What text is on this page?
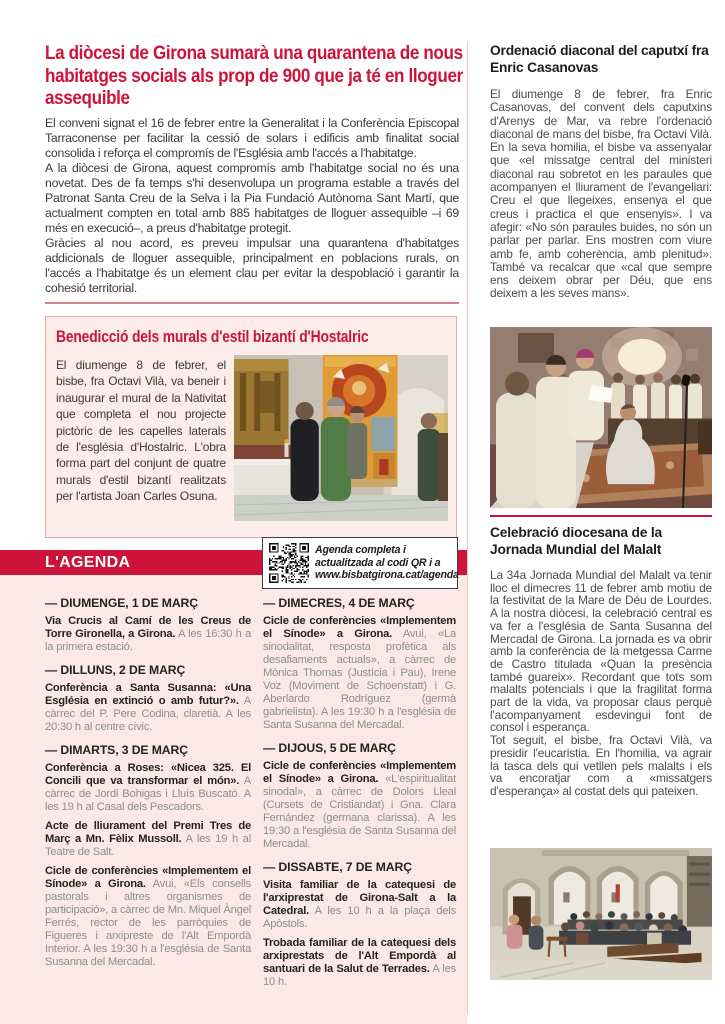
La diòcesi de Girona sumarà una quarantena de nous habitatges socials als prop de 900 que ja té en lloguer assequible

El conveni signat el 16 de febrer entre la Generalitat i la Conferència Episcopal Tarraconense per facilitar la cessió de solars i edificis amb finalitat social consolida i reforça el compromís de l'Església amb l'accés a l'habitatge.

A la diòcesi de Girona, aquest compromís amb l'habitatge social no és una novetat. Des de fa temps s'hi desenvolupa un programa estable a través del Patronat Santa Creu de la Selva i la Pia Fundació Autònoma Sant Martí, que actualment compten en total amb 885 habitatges de lloguer assequible –i 69 més en execució–, a preus d'habitatge protegit.

Gràcies al nou acord, es preveu impulsar una quarantena d'habitatges addicionals de lloguer assequible, principalment en poblacions rurals, on l'accés a l'habitatge és un element clau per evitar la despoblació i garantir la cohesió territorial.

Benedicció dels murals d'estil bizantí d'Hostalric

El diumenge 8 de febrer, el bisbe, fra Octavi Vilà, va beneir i inaugurar el mural de la Nativitat que completa el nou projecte pictòric de les capelles laterals de l'església d'Hostalric. L'obra forma part del conjunt de quatre murals d'estil bizantí realitzats per l'artista Joan Carles Osuna.

L'AGENDA

Agenda completa i actualitzada al codi QR i a www.bisbatgirona.cat/agenda

— DIUMENGE, 1 DE MARÇ

Via Crucis al Camí de les Creus de Torre Gironella, a Girona. A les 16:30 h a la primera estació.

— DILLUNS, 2 DE MARÇ

Conferència a Santa Susanna: «Una Església en extinció o amb futur?». A càrrec del P. Pere Codina, claretià. A les 20:30 h al centre cívic.

— DIMARTS, 3 DE MARÇ

Conferència a Roses: «Nicea 325. El Concili que va transformar el món». A càrrec de Jordi Bohigas i Lluís Buscató. A les 19 h al Casal dels Pescadors.

Acte de lliurament del Premi Tres de Març a Mn. Fèlix Mussoll. A les 19 h al Teatre de Salt.

Cicle de conferències «Implementem el Sínode» a Girona. Avui, «Els consells pastorals i altres organismes de participació», a càrrec de Mn. Miquel Àngel Ferrés, rector de les parròquies de Figueres i arxipreste de l'Alt Empordà Interior. A les 19:30 h a l'església de Santa Susanna del Mercadal.

— DIMECRES, 4 DE MARÇ

Cicle de conferències «Implementem el Sínode» a Girona. Avui, «La sinodalitat, resposta profètica als desafiaments actuals», a càrrec de Mònica Thomas (Justícia i Pau), Irene Voz (Moviment de Schoenstatt) i G. Aberlardo Rodríguez (germà gabrielista). A les 19:30 h a l'església de Santa Susanna del Mercadal.

— DIJOUS, 5 DE MARÇ

Cicle de conferències «Implementem el Sínode» a Girona. «L'espiritualitat sinodal», a càrrec de Dolors Lleal (Cursets de Cristiandat) i Gna. Clara Fernández (germana clarissa). A les 19:30 a l'església de Santa Susanna del Mercadal.

— DISSABTE, 7 DE MARÇ

Visita familiar de la catequesi de l'arxiprestat de Girona-Salt a la Catedral. A les 10 h a la plaça dels Apòstols.

Trobada familiar de la catequesi dels arxiprestats de l'Alt Empordà al santuari de la Salut de Terrades. A les 10 h.

Ordenació diaconal del caputxí fra Enric Casanovas

El diumenge 8 de febrer, fra Enric Casanovas, del convent dels caputxins d'Arenys de Mar, va rebre l'ordenació diaconal de mans del bisbe, fra Octavi Vilà. En la seva homilia, el bisbe va assenyalar que «el missatge central del ministeri diaconal rau sobretot en les paraules que acompanyen el lliurament de l'evangeliari: Creu el que llegeixes, ensenya el que creus i practica el que ensenyis». I va afegir: «No són paraules buides, no són un parlar per parlar. Ens mostren com viure amb fe, amb coherència, amb plenitud». També va recalcar que «cal que sempre ens deixem obrar per Déu, que ens deixem a les seves mans».

Celebració diocesana de la Jornada Mundial del Malalt

La 34a Jornada Mundial del Malalt va tenir lloc el dimecres 11 de febrer amb motiu de la festivitat de la Mare de Déu de Lourdes. A la nostra diòcesi, la celebració central es va fer a l'església de Santa Susanna del Mercadal de Girona. La jornada es va obrir amb la conferència de la metgessa Carme de Castro titulada «Quan la presència també guareix». Recordant que tots som malalts potencials i que la fragilitat forma part de la vida, va proposar claus perquè l'acompanyament esdevingui font de consol i esperança.

Tot seguit, el bisbe, fra Octavi Vilà, va presidir l'eucaristia. En l'homilia, va agrair la tasca dels qui vetllen pels malalts i els va encoratjar com a «missatgers d'esperança» al costat dels qui pateixen.
